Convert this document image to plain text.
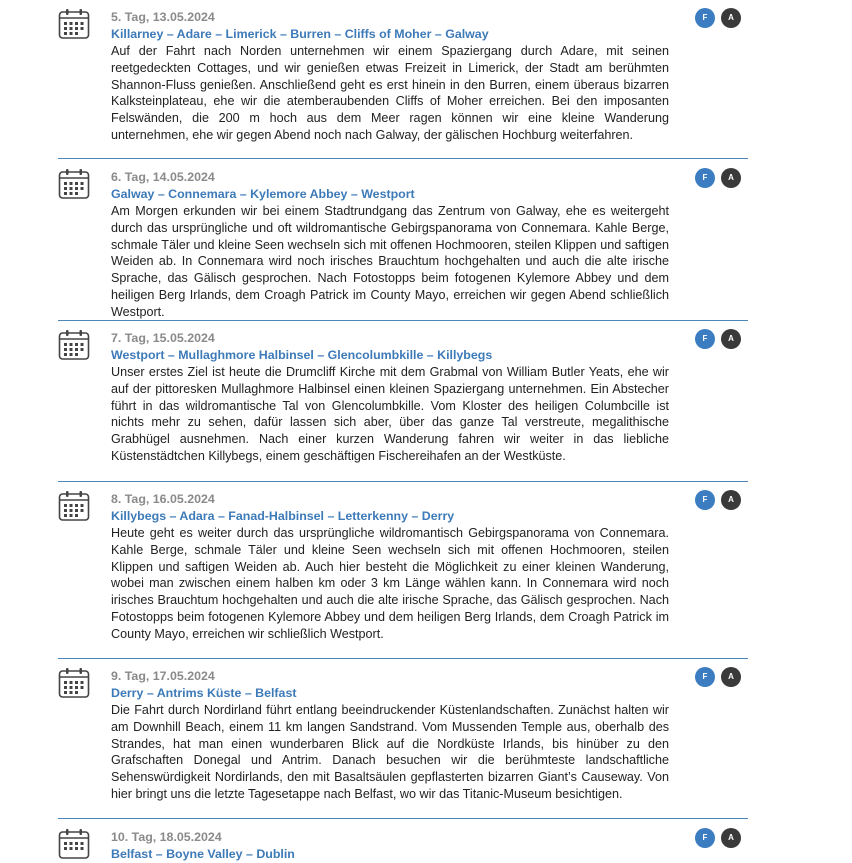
5. Tag, 13.05.2024
Killarney – Adare – Limerick – Burren – Cliffs of Moher – Galway

Auf der Fahrt nach Norden unternehmen wir einem Spaziergang durch Adare, mit seinen reetgedeckten Cottages, und wir genießen etwas Freizeit in Limerick, der Stadt am berühmten Shannon-Fluss genießen. Anschließend geht es erst hinein in den Burren, einem überaus bizarren Kalksteinplateau, ehe wir die atemberaubenden Cliffs of Moher erreichen. Bei den imposanten Felswänden, die 200 m hoch aus dem Meer ragen können wir eine kleine Wanderung unternehmen, ehe wir gegen Abend noch nach Galway, der gälischen Hochburg weiterfahren.

F	A
6. Tag, 14.05.2024
Galway – Connemara – Kylemore Abbey – Westport

Am Morgen erkunden wir bei einem Stadtrundgang das Zentrum von Galway, ehe es weitergeht durch das ursprüngliche und oft wildromantische Gebirgspanorama von Connemara. Kahle Berge, schmale Täler und kleine Seen wechseln sich mit offenen Hochmooren, steilen Klippen und saftigen Weiden ab. In Connemara wird noch irisches Brauchtum hochgehalten und auch die alte irische Sprache, das Gälisch gesprochen. Nach Fotostopps beim fotogenen Kylemore Abbey und dem heiligen Berg Irlands, dem Croagh Patrick im County Mayo, erreichen wir gegen Abend schließlich Westport.

F	A
7. Tag, 15.05.2024
Westport – Mullaghmore Halbinsel – Glencolumbkille – Killybegs

Unser erstes Ziel ist heute die Drumcliff Kirche mit dem Grabmal von William Butler Yeats, ehe wir auf der pittoresken Mullaghmore Halbinsel einen kleinen Spaziergang unternehmen. Ein Abstecher führt in das wildromantische Tal von Glencolumbkille. Vom Kloster des heiligen Columbcille ist nichts mehr zu sehen, dafür lassen sich aber, über das ganze Tal verstreute, megalithische Grabhügel ausnehmen. Nach einer kurzen Wanderung fahren wir weiter in das liebliche Küstenstädtchen Killybegs, einem geschäftigen Fischereihafen an der Westküste.

F	A
8. Tag, 16.05.2024
Killybegs – Adara – Fanad-Halbinsel – Letterkenny – Derry

Heute geht es weiter durch das ursprüngliche wildromantisch Gebirgspanorama von Connemara. Kahle Berge, schmale Täler und kleine Seen wechseln sich mit offenen Hochmooren, steilen Klippen und saftigen Weiden ab. Auch hier besteht die Möglichkeit zu einer kleinen Wanderung, wobei man zwischen einem halben km oder 3 km Länge wählen kann. In Connemara wird noch irisches Brauchtum hochgehalten und auch die alte irische Sprache, das Gälisch gesprochen. Nach Fotostopps beim fotogenen Kylemore Abbey und dem heiligen Berg Irlands, dem Croagh Patrick im County Mayo, erreichen wir schließlich Westport.

F	A
9. Tag, 17.05.2024
Derry – Antrims Küste – Belfast

Die Fahrt durch Nordirland führt entlang beeindruckender Küstenlandschaften. Zunächst halten wir am Downhill Beach, einem 11 km langen Sandstrand. Vom Mussenden Temple aus, oberhalb des Strandes, hat man einen wunderbaren Blick auf die Nordküste Irlands, bis hinüber zu den Grafschaften Donegal und Antrim. Danach besuchen wir die berühmteste landschaftliche Sehenswürdigkeit Nordirlands, den mit Basaltsäulen gepflasterten bizarren Giant’s Causeway. Von hier bringt uns die letzte Tagesetappe nach Belfast, wo wir das Titanic-Museum besichtigen.

F	A
10. Tag, 18.05.2024
Belfast – Boyne Valley – Dublin
F	A
